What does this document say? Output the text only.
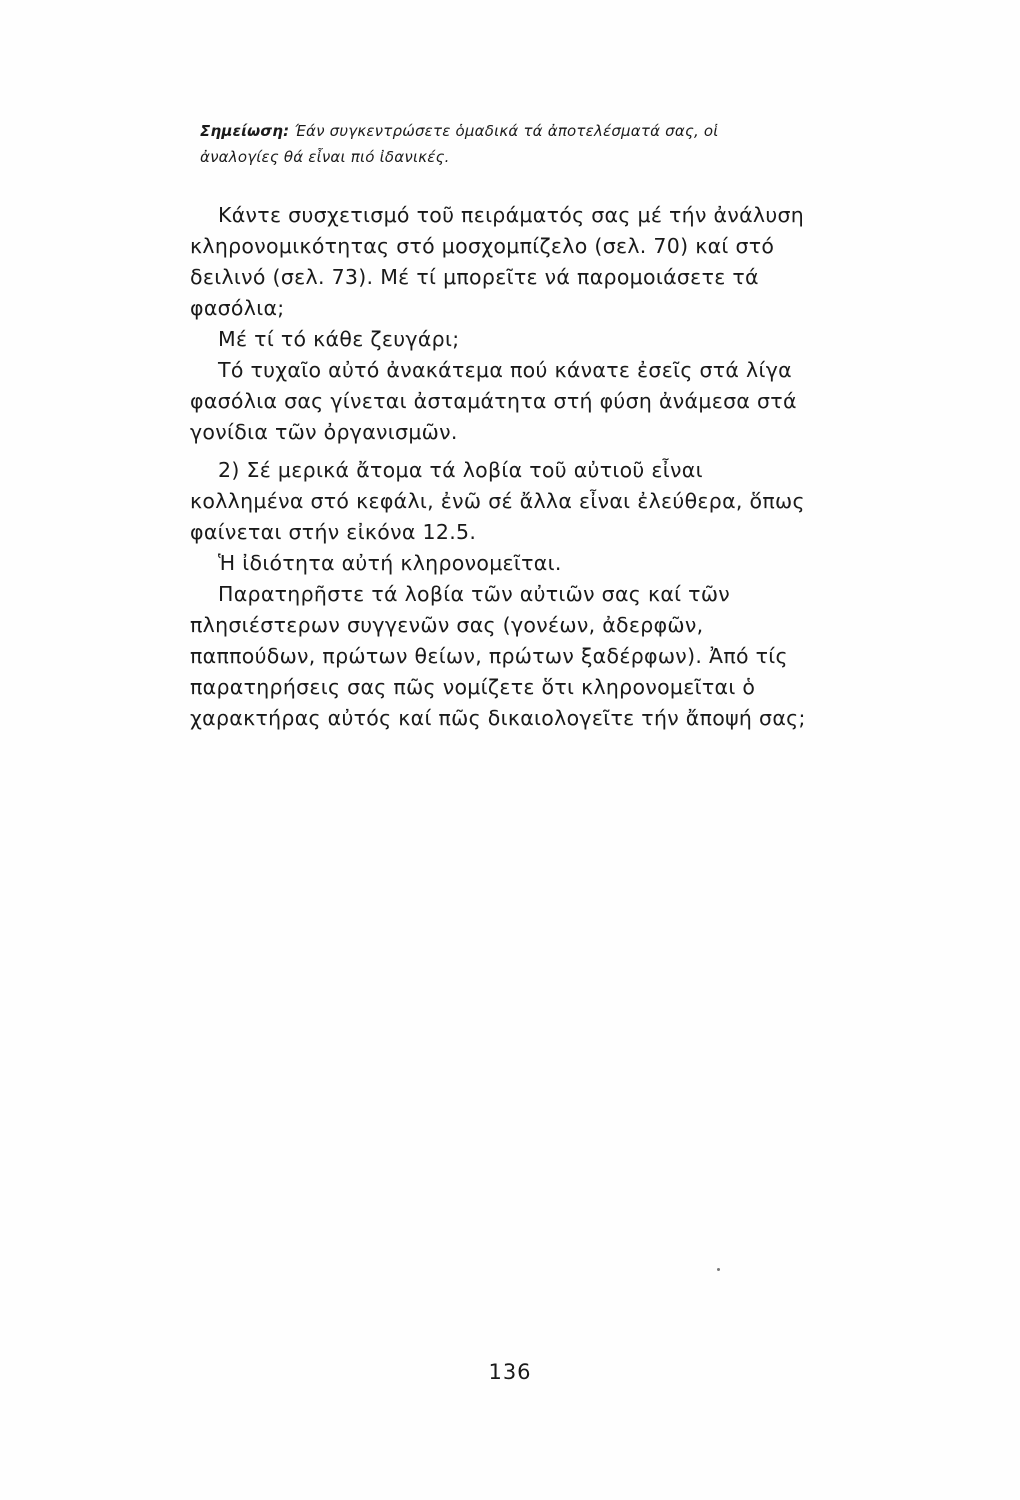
Σημείωση: Έάν συγκεντρώσετε ὁμαδικά τά ἀποτελέσματά σας, οἱ ἀναλογίες θά εἶναι πιό ἰδανικές.

Κάντε συσχετισμό τοῦ πειράματός σας μέ τήν ἀνάλυση κληρονομικότητας στό μοσχομπίζελο (σελ. 70) καί στό δειλινό (σελ. 73). Μέ τί μπορεῖτε νά παρομοιάσετε τά φασόλια;

Μέ τί τό κάθε ζευγάρι;

Τό τυχαῖο αὐτό ἀνακάτεμα πού κάνατε ἐσεῖς στά λίγα φασόλια σας γίνεται ἀσταμάτητα στή φύση ἀνάμεσα στά γονίδια τῶν ὀργανισμῶν.

2) Σέ μερικά ἄτομα τά λοβία τοῦ αὐτιοῦ εἶναι κολλημένα στό κεφάλι, ἐνῶ σέ ἄλλα εἶναι ἐλεύθερα, ὅπως φαίνεται στήν εἰκόνα 12.5.

Ἡ ἰδιότητα αὐτή κληρονομεῖται.

Παρατηρῆστε τά λοβία τῶν αὐτιῶν σας καί τῶν πλησιέστερων συγγενῶν σας (γονέων, ἀδερφῶν, παππούδων, πρώτων θείων, πρώτων ξαδέρφων). Ἀπό τίς παρατηρήσεις σας πῶς νομίζετε ὅτι κληρονομεῖται ὁ χαρακτήρας αὐτός καί πῶς δικαιολογεῖτε τήν ἄποψή σας;

136
